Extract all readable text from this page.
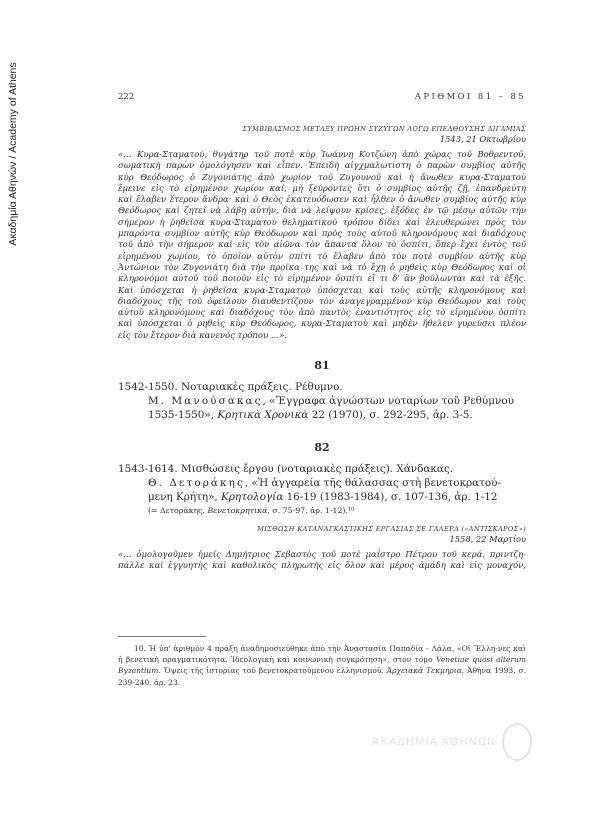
Ακαδημία Αθηνών / Academy of Athens	222	ΑΡΙΘΜΟΙ 81 – 85
ΣΥΜΒΙΒΑΣΜΟΣ ΜΕΤΑΞΥ ΠΡΩΗΝ ΣΥΖΥΓΩΝ ΛΟΓΩ ΕΠΕΛΘΟΥΣΗΣ ΔΙΓΑΜΙΑΣ
1543, 21 Οκτωβρίου
«… Κυρα-Σταματού, θυγάτηρ τοῦ ποτὲ κὺρ Ἰωάννη Κοτζώνη ἀπὸ χώρας τοῦ Βοθρεντοῦ,
σωματικὴ παρὼν ὁμολόγησεν καὶ εἶπεν. Ἐπειδὴ αἰγχμαλωτίστη ὁ παρὼν συμβίος αὐτῆς
κὺρ Θεόδωρος ὁ Ζυγονιάτης ἀπὸ χωρίον τοῦ Ζυγουνοῦ καὶ ἡ ἄνωθεν κυρα-Σταματοὺ
ἔμεινε εἰς τὸ εἰρημένον χωρίον καί, μὴ ξεύροντες ὅτι ὁ συμβίος αὐτῆς ζῇ, ἐπανδρεύτη
καὶ ἔλαβεν ἕτερον ἄνδρα· καὶ ὁ Θεὸς ἐκατευόδωσεν καὶ ἦλθεν ὁ ἄνωθεν συμβίος αὐτῆς κὺρ
Θεόδωρος καὶ ζητεῖ νὰ λάβῃ αὐτήν, διὰ νὰ λείψουν κρίσες, ἐξόδες ἐν τῷ μέσῳ αὐτῶν τὴν
σήμερον ἡ ῥηθεῖσα κυρα-Σταματοὺ θεληματικοῦ τρόπου δίδει καὶ ἐλευθερώνει πρὸς τὸν
μπαρόντα συμβίον αὐτῆς κὺρ Θεόδωρον καὶ πρὸς τοὺς αὐτοῦ κληρονόμους καὶ διαδόχους
τοῦ ἀπὸ τὴν σήμερον καὶ εἰς τὸν αἰῶνα τὸν ἅπαντα ὅλον τὸ ὀσπίτι, ὅπερ ἔχει ἐντὸς τοῦ
εἰρημένου χωρίου, τὸ ὁποῖον αὐτὸν σπίτι τὸ ἔλαβεν ἀπὸ τὸν ποτὲ συμβίον αὐτῆς κὺρ
Ἀντώνιον τὸν Ζυγονιάτη διὰ τὴν προῖκα της καὶ νὰ τὸ ἔχῃ ὁ ρηθεὶς κὺρ Θεόδωρος καὶ οἱ
κληρονόμοι αὐτοῦ τοῦ ποιοῦν εἰς τὸ εἰρημένον ὀσπίτι εἴ τι δ' ἂν βούλωνται καὶ τὰ ἑξῆς.
Καὶ ὑπόσχεται ἡ ῥηθεῖσα κυρα-Σταματοὺ ὑπόσχεται καὶ τοὺς αὐτῆς κληρονόμους καὶ
διαδόχους τῆς τοῦ ὀφείλουν διαυθεντίζουν τὸν ἀναγεγραμμένον κὺρ Θεόδωρον καὶ τοὺς
αὐτοῦ κληρονόμους καὶ διαδόχους τὸν ἀπὸ παντὸς ἐναντιότητος εἰς τὸ εἰρημένον ὀσπίτι
καὶ ὑπόσχεται ὁ ρηθεὶς κὺρ Θεόδωρος, κυρα-Σταματοὺ καὶ μηδὲν ἤθελεν γυρεύσει πλέον
εἰς τὸν ἕτερον διὰ κανενὸς τρόπου …».
81
1542-1550. Νοταριακὲς πράξεις. Ρέθυμνο.
Μ. Μανούσακας, «Ἔγγραφα ἀγνώστων νοταρίων τοῦ Ρεθύμνου
1535-1550», Κρητικὰ Χρονικὰ 22 (1970), σ. 292-295, ἀρ. 3-5.
82
1543-1614. Μισθώσεις ἔργου (νοταριακὲς πράξεις). Χάνδακας.
Θ. Δετοράκης, «Ἡ ἀγγαρεία τῆς θάλασσας στὴ βενετοκρατού-
μενη Κρήτη», Κρητολογία 16-19 (1983-1984), σ. 107-136, ἀρ. 1-12
(= Δετοράκης, Βενετοκρητικά, σ. 75-97, ἀρ. 1-12).¹⁰
ΜΙΣΘΩΣΗ ΚΑΤΑΝΑΓΚΑΣΤΙΚΗΣ ΕΡΓΑΣΙΑΣ ΣΕ ΓΑΛΕΡΑ («ΑΝΤΙΣΚΑΡΟΣ»)
1558, 22 Μαρτίου
«… ὁμολογοῦμεν ἡμεῖς Δημήτριος Σεβαστὸς τοῦ ποτὲ μαΐστρο Πέτρου τοῦ κερά, πριντζη-
πάλλε καὶ ἐγγυητὴς καὶ καθολικὸς πληρωτὴς εἰς ὅλον καὶ μέρος ἀμάδη καὶ εἰς μοναχόν,
10. Ἡ ὑπ' ἀριθμὸν 4 πράξη ἀναδημοσιεύθηκε ἀπὸ τὴν Ἀναστασία Παπαδία - Λάλα, «Οἱ Ἕλλη-νες καὶ ἡ βενετικὴ πραγματικότητα. Ἰδεολογικὴ καὶ κοινωνικὴ συγκρότηση», στον τόμο Venetiae quasi alterum Byzantium. Ὄψεις τῆς ἱστορίας τοῦ βενετοκρατούμενου ἑλληνισμοῦ. Ἀρχειακὰ Τεκμήρια, Ἀθήνα 1993, σ. 239-240, ἀρ. 23.
ΑΚΑΔΗΜΙΑ ΑΘΗΝΩΝ
